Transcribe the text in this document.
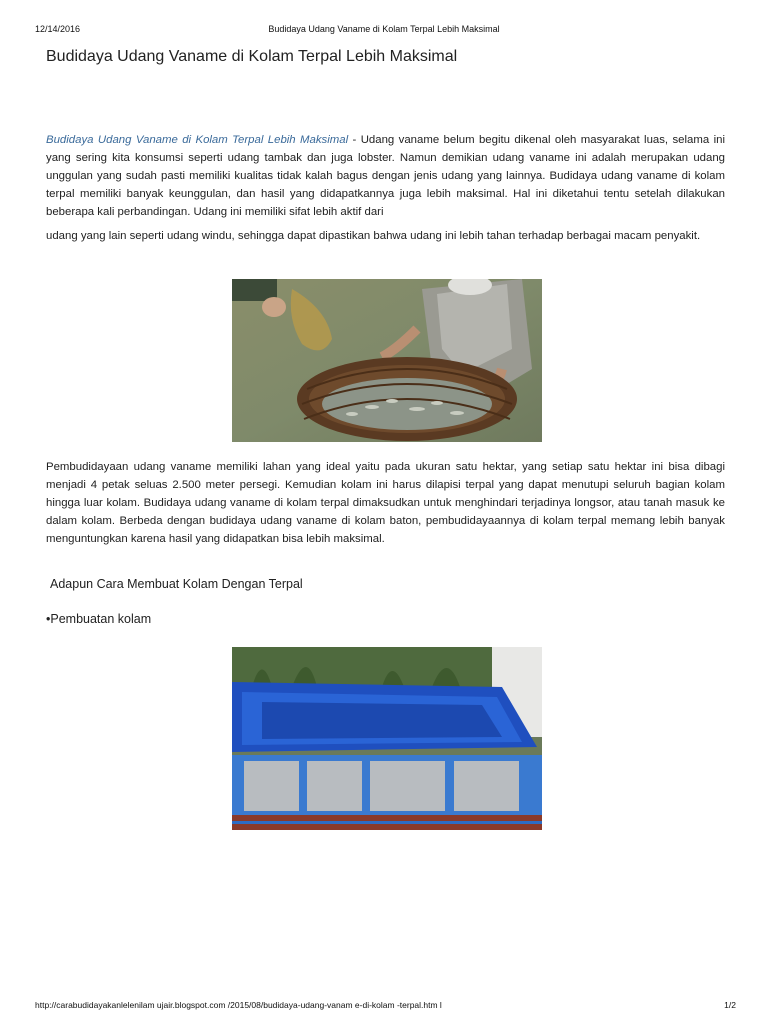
12/14/2016	Budidaya Udang Vaname di Kolam Terpal Lebih Maksimal
Budidaya Udang Vaname di Kolam Terpal Lebih Maksimal

Budidaya Udang Vaname di Kolam Terpal Lebih Maksimal - Udang vaname belum begitu dikenal oleh masyarakat luas, selama ini yang sering kita konsumsi seperti udang tambak dan juga lobster. Namun demikian udang vaname ini adalah merupakan udang unggulan yang sudah pasti memiliki kualitas tidak kalah bagus dengan jenis udang yang lainnya. Budidaya udang vaname di kolam terpal memiliki banyak keunggulan, dan hasil yang didapatkannya juga lebih maksimal. Hal ini diketahui tentu setelah dilakukan beberapa kali perbandingan. Udang ini memiliki sifat lebih aktif dari

udang yang lain seperti udang windu, sehingga dapat dipastikan bahwa udang ini lebih tahan terhadap berbagai macam penyakit.

Pembudidayaan udang vaname memiliki lahan yang ideal yaitu pada ukuran satu hektar, yang setiap satu hektar ini bisa dibagi menjadi 4 petak seluas 2.500 meter persegi. Kemudian kolam ini harus dilapisi terpal yang dapat menutupi seluruh bagian kolam hingga luar kolam. Budidaya udang vaname di kolam terpal dimaksudkan untuk menghindari terjadinya longsor, atau tanah masuk ke dalam kolam. Berbeda dengan budidaya udang vaname di kolam baton, pembudidayaannya di kolam terpal memang lebih banyak menguntungkan karena hasil yang didapatkan bisa lebih maksimal.

Adapun Cara Membuat Kolam Dengan Terpal
•Pembuatan kolam
http://carabudidayakanlelenilam ujair.blogspot.com /2015/08/budidaya-udang-vanam e-di-kolam -terpal.htm l	1/2
